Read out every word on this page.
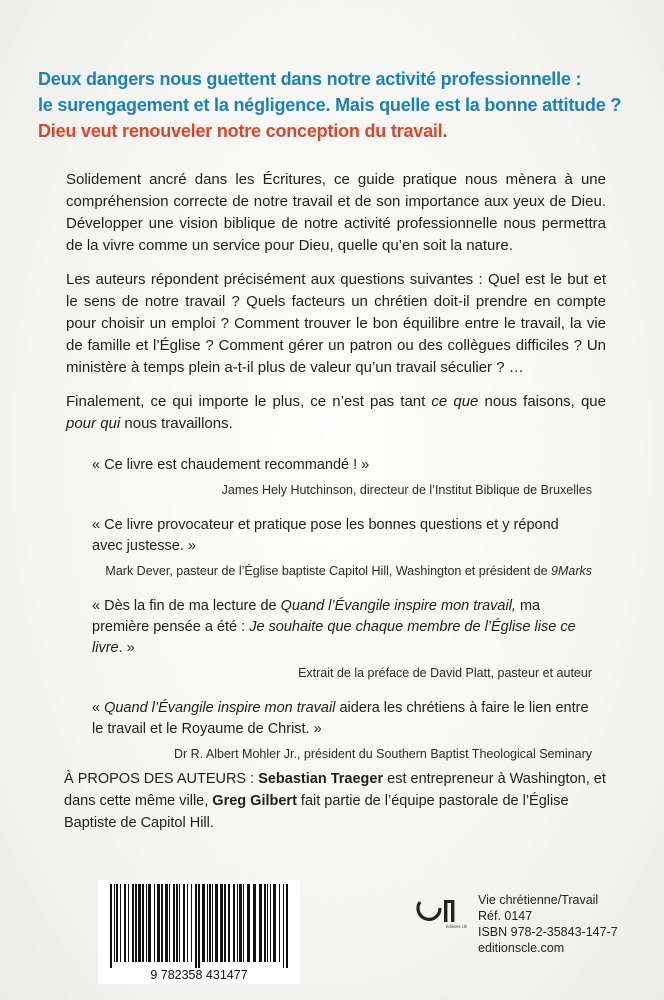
Deux dangers nous guettent dans notre activité professionnelle :
le surengagement et la négligence. Mais quelle est la bonne attitude ?
Dieu veut renouveler notre conception du travail.

Solidement ancré dans les Écritures, ce guide pratique nous mènera à une compréhension correcte de notre travail et de son importance aux yeux de Dieu. Développer une vision biblique de notre activité professionnelle nous permettra de la vivre comme un service pour Dieu, quelle qu’en soit la nature.

Les auteurs répondent précisément aux questions suivantes : Quel est le but et le sens de notre travail ? Quels facteurs un chrétien doit-il prendre en compte pour choisir un emploi ? Comment trouver le bon équilibre entre le travail, la vie de famille et l’Église ? Comment gérer un patron ou des collègues difficiles ? Un ministère à temps plein a-t-il plus de valeur qu’un travail séculier ? …

Finalement, ce qui importe le plus, ce n’est pas tant ce que nous faisons, que pour qui nous travaillons.

« Ce livre est chaudement recommandé ! »
James Hely Hutchinson, directeur de l’Institut Biblique de Bruxelles
« Ce livre provocateur et pratique pose les bonnes questions et y répond avec justesse. »
Mark Dever, pasteur de l’Église baptiste Capitol Hill, Washington et président de 9Marks
« Dès la fin de ma lecture de Quand l’Évangile inspire mon travail, ma première pensée a été : Je souhaite que chaque membre de l’Église lise ce livre. »
Extrait de la préface de David Platt, pasteur et auteur
« Quand l’Évangile inspire mon travail aidera les chrétiens à faire le lien entre le travail et le Royaume de Christ. »
Dr R. Albert Mohler Jr., président du Southern Baptist Theological Seminary
À PROPOS DES AUTEURS : Sebastian Traeger est entrepreneur à Washington, et dans cette même ville, Greg Gilbert fait partie de l’équipe pastorale de l’Église Baptiste de Capitol Hill.
9 782358 431477
éditions clé
Vie chrétienne/Travail
Réf. 0147
ISBN 978-2-35843-147-7
editionscle.com
